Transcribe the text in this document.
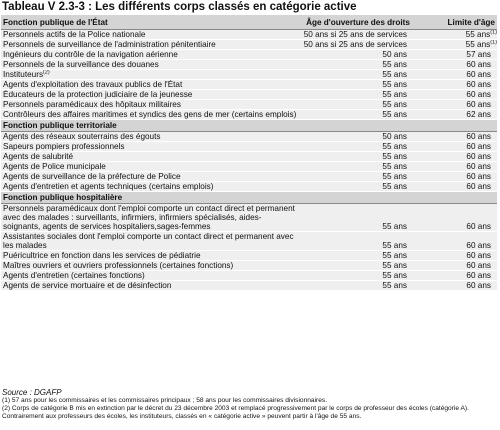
Tableau V 2.3-3 : Les différents corps classés en catégorie active
Fonction publique de l'État	Âge d'ouverture des droits	Limite d'âge
Personnels actifs de la Police nationale	50 ans si 25 ans de services	55 ans$^{(1)}$
Personnels de surveillance de l'administration pénitentiaire	50 ans si 25 ans de services	55 ans$^{(1)}$
Ingénieurs du contrôle de la navigation aérienne	50 ans	57 ans
Personnels de la surveillance des douanes	55 ans	60 ans
Instituteurs$^{(2)}$	55 ans	60 ans
Agents d'exploitation des travaux publics de l'État	55 ans	60 ans
Éducateurs de la protection judiciaire de la jeunesse	55 ans	60 ans
Personnels paramédicaux des hôpitaux militaires	55 ans	60 ans
Contrôleurs des affaires maritimes et syndics des gens de mer (certains emplois)	55 ans	62 ans
Fonction publique territoriale		
Agents des réseaux souterrains des égouts	50 ans	60 ans
Sapeurs pompiers professionnels	55 ans	60 ans
Agents de salubrité	55 ans	60 ans
Agents de Police municipale	55 ans	60 ans
Agents de surveillance de la préfecture de Police	55 ans	60 ans
Agents d'entretien et agents techniques (certains emplois)	55 ans	60 ans
Fonction publique hospitalière		
Personnels paramédicaux dont l'emploi comporte un contact direct et permanent avec des malades : surveillants, infirmiers, infirmiers spécialisés, aides-soignants, agents de services hospitaliers,sages-femmes	55 ans	60 ans
Assistantes sociales dont l'emploi comporte un contact direct et permanent avec les malades	55 ans	60 ans
Puéricultrice en fonction dans les services de pédiatrie	55 ans	60 ans
Maîtres ouvriers et ouvriers professionnels (certaines fonctions)	55 ans	60 ans
Agents d'entretien (certaines fonctions)	55 ans	60 ans
Agents de service mortuaire et de désinfection	55 ans	60 ans
Source : DGAFP
(1) 57 ans pour les commissaires et les commissaires principaux ; 58 ans pour les commissaires divisionnaires.
(2) Corps de catégorie B mis en extinction par le décret du 23 décembre 2003 et remplacé progressivement par le corps de professeur des écoles (catégorie A). Contrairement aux professeurs des écoles, les instituteurs, classés en « catégorie active » peuvent partir à l'âge de 55 ans.
